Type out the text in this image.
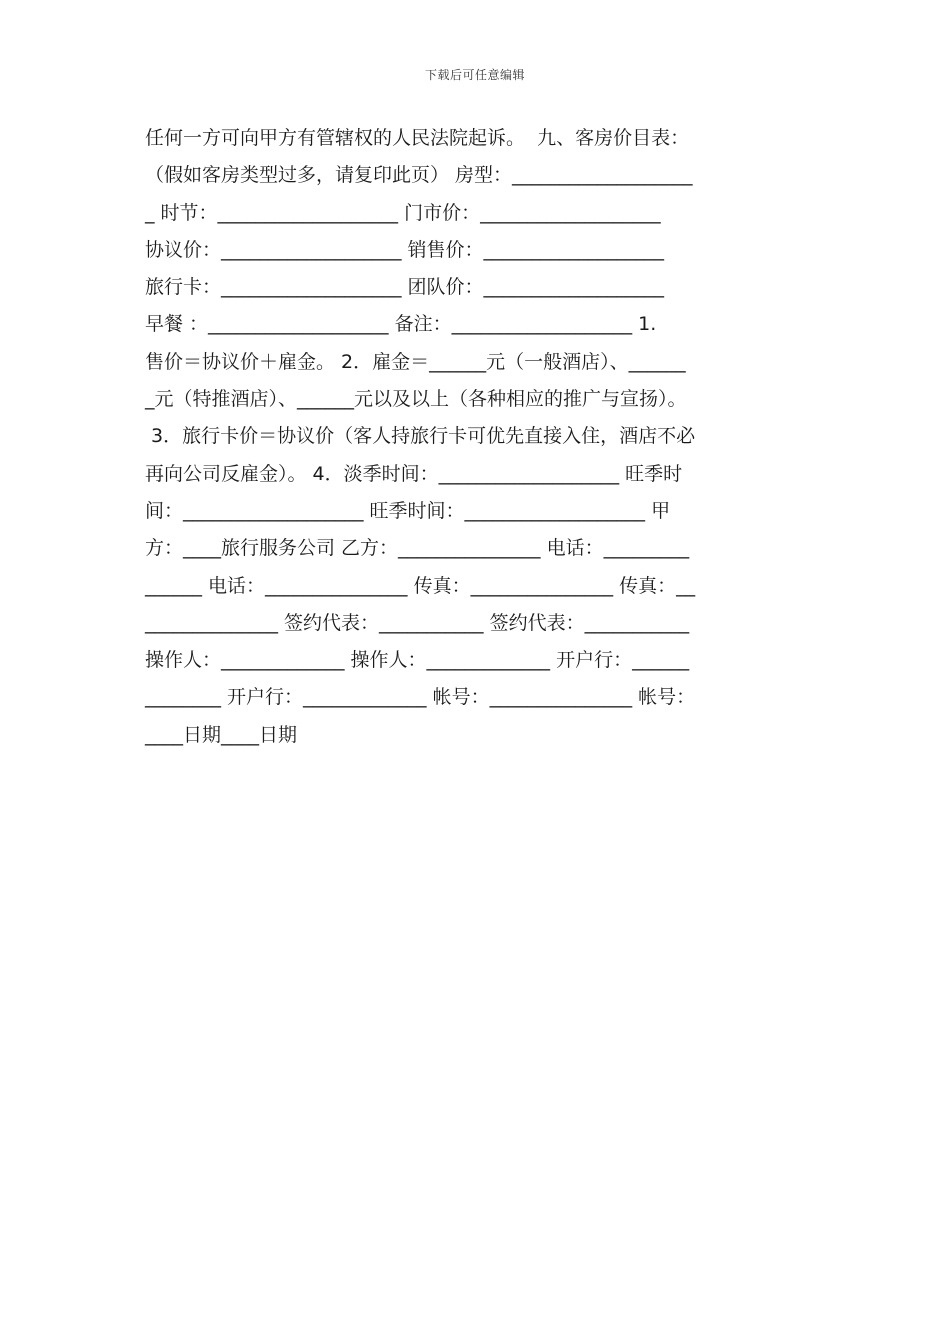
下载后可任意编辑
任何一方可向甲方有管辖权的人民法院起诉。  九、客房价目表：
（假如客房类型过多，请复印此页） 房型：___________________
_ 时节：___________________ 门市价：___________________
协议价：___________________ 销售价：___________________
旅行卡：___________________ 团队价：___________________
早餐 ：___________________ 备注：___________________ 1.
售价＝协议价＋雇金。 2．雇金＝______元（一般酒店）、______
_元（特推酒店）、______元以及以上（各种相应的推广与宣扬）。
3．旅行卡价＝协议价（客人持旅行卡可优先直接入住，酒店不必
再向公司反雇金）。 4．淡季时间：___________________ 旺季时
间：___________________ 旺季时间：___________________ 甲
方：____旅行服务公司 乙方：_______________ 电话：_________
______ 电话：_______________ 传真：_______________ 传真：__
______________ 签约代表：___________ 签约代表：___________
操作人：_____________ 操作人：_____________ 开户行：______
________ 开户行：_____________ 帐号：_______________ 帐号：
____日期____日期
